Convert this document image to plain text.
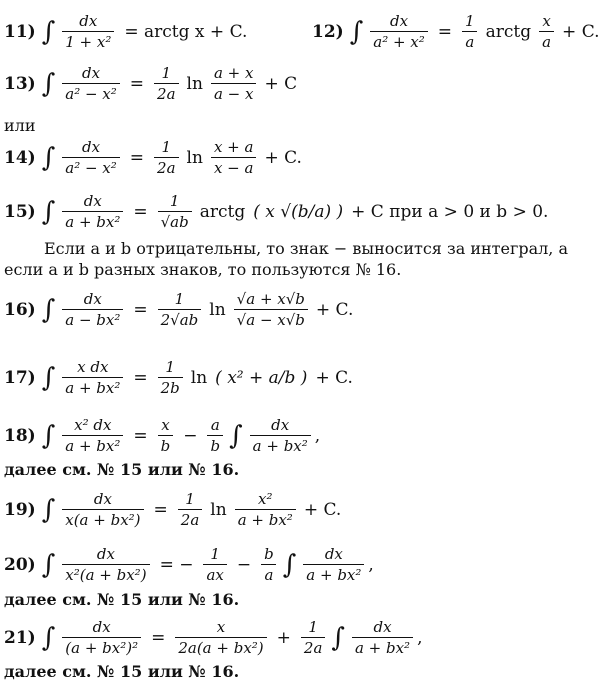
11) ∫ $\frac{dx}{\text{1 + x²}}$ = arctg x + C.	12) ∫ $\frac{dx}{\text{a² + x²}} = \frac{1}{a}$ arctg $\frac{x}{a} + C$.
13) ∫ $\frac{dx}{\text{a² − x²}} = \frac{1}{2a}$ $\ln \frac{a + x}{a - x} + C$
или
14) ∫ $\frac{dx}{\text{a² − x²}} = \frac{1}{2a}$ $\ln \frac{x + a}{x - a} + C$.
15) ∫ $\frac{dx}{\text{a + bx²}} = \frac{1}{√ab}$ arctg ( x √(b/a) ) + C при a > 0 и b > 0.
Если a и b отрицательны, то знак − выносится за интеграл, а если a и b разных знаков, то пользуются № 16.
16) ∫ $\frac{dx}{\text{a − bx²}} = \frac{1}{2√ab}$ $\ln \frac{√a + x√b}{√a - x√b} + C$.
17) ∫ $\frac{\text{x dx}}{\text{a + bx²}} = \frac{1}{2b}$ ln ( x² + a/b ) + C.
18) ∫ $\frac{\text{x² dx}}{\text{a + bx²}} = \frac{x}{b} - \frac{a}{b}$ ∫ $\frac{dx}{\text{a + bx²}}$ ,
далее см. № 15 или № 16.
19) ∫ $\frac{dx}{\text{x(a + bx²)}} = \frac{1}{2a}$ $\ln \frac{\text{x²}}{\text{a + bx²}} + C$.
20) ∫ $\frac{dx}{\text{x²(a + bx²)}}$ = − $\frac{1}{ax} - \frac{b}{a}$ ∫ $\frac{dx}{\text{a + bx²}}$ ,
далее см. № 15 или № 16.
21) ∫ $\frac{dx}{\text{(a + bx²)²}} = \frac{x}{\text{2a(a + bx²)}} + \frac{1}{2a}$ ∫ $\frac{dx}{\text{a + bx²}}$ ,
далее см. № 15 или № 16.
